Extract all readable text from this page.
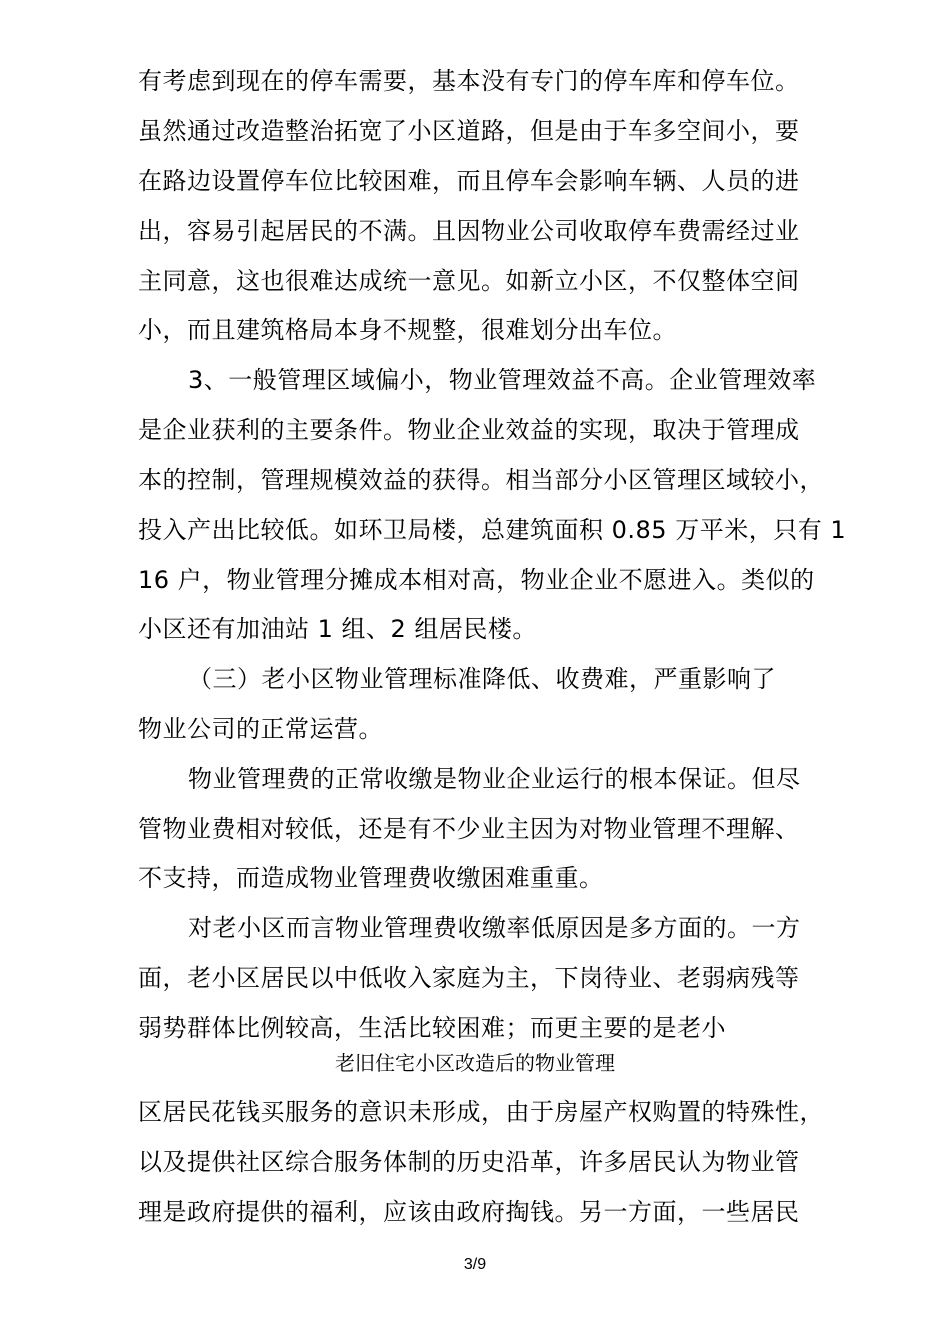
有考虑到现在的停车需要，基本没有专门的停车库和停车位。
虽然通过改造整治拓宽了小区道路，但是由于车多空间小，要
在路边设置停车位比较困难，而且停车会影响车辆、人员的进
出，容易引起居民的不满。且因物业公司收取停车费需经过业
主同意，这也很难达成统一意见。如新立小区，不仅整体空间
小，而且建筑格局本身不规整，很难划分出车位。
3、一般管理区域偏小，物业管理效益不高。企业管理效率
是企业获利的主要条件。物业企业效益的实现，取决于管理成
本的控制，管理规模效益的获得。相当部分小区管理区域较小，
投入产出比较低。如环卫局楼，总建筑面积 0.85 万平米，只有 1
16 户，物业管理分摊成本相对高，物业企业不愿进入。类似的
小区还有加油站 1 组、2 组居民楼。
（三）老小区物业管理标准降低、收费难，严重影响了
物业公司的正常运营。
物业管理费的正常收缴是物业企业运行的根本保证。但尽
管物业费相对较低，还是有不少业主因为对物业管理不理解、
不支持，而造成物业管理费收缴困难重重。
对老小区而言物业管理费收缴率低原因是多方面的。一方
面，老小区居民以中低收入家庭为主，下岗待业、老弱病残等
弱势群体比例较高，生活比较困难；而更主要的是老小
老旧住宅小区改造后的物业管理
区居民花钱买服务的意识未形成，由于房屋产权购置的特殊性，
以及提供社区综合服务体制的历史沿革，许多居民认为物业管
理是政府提供的福利，应该由政府掏钱。另一方面，一些居民
3/9
